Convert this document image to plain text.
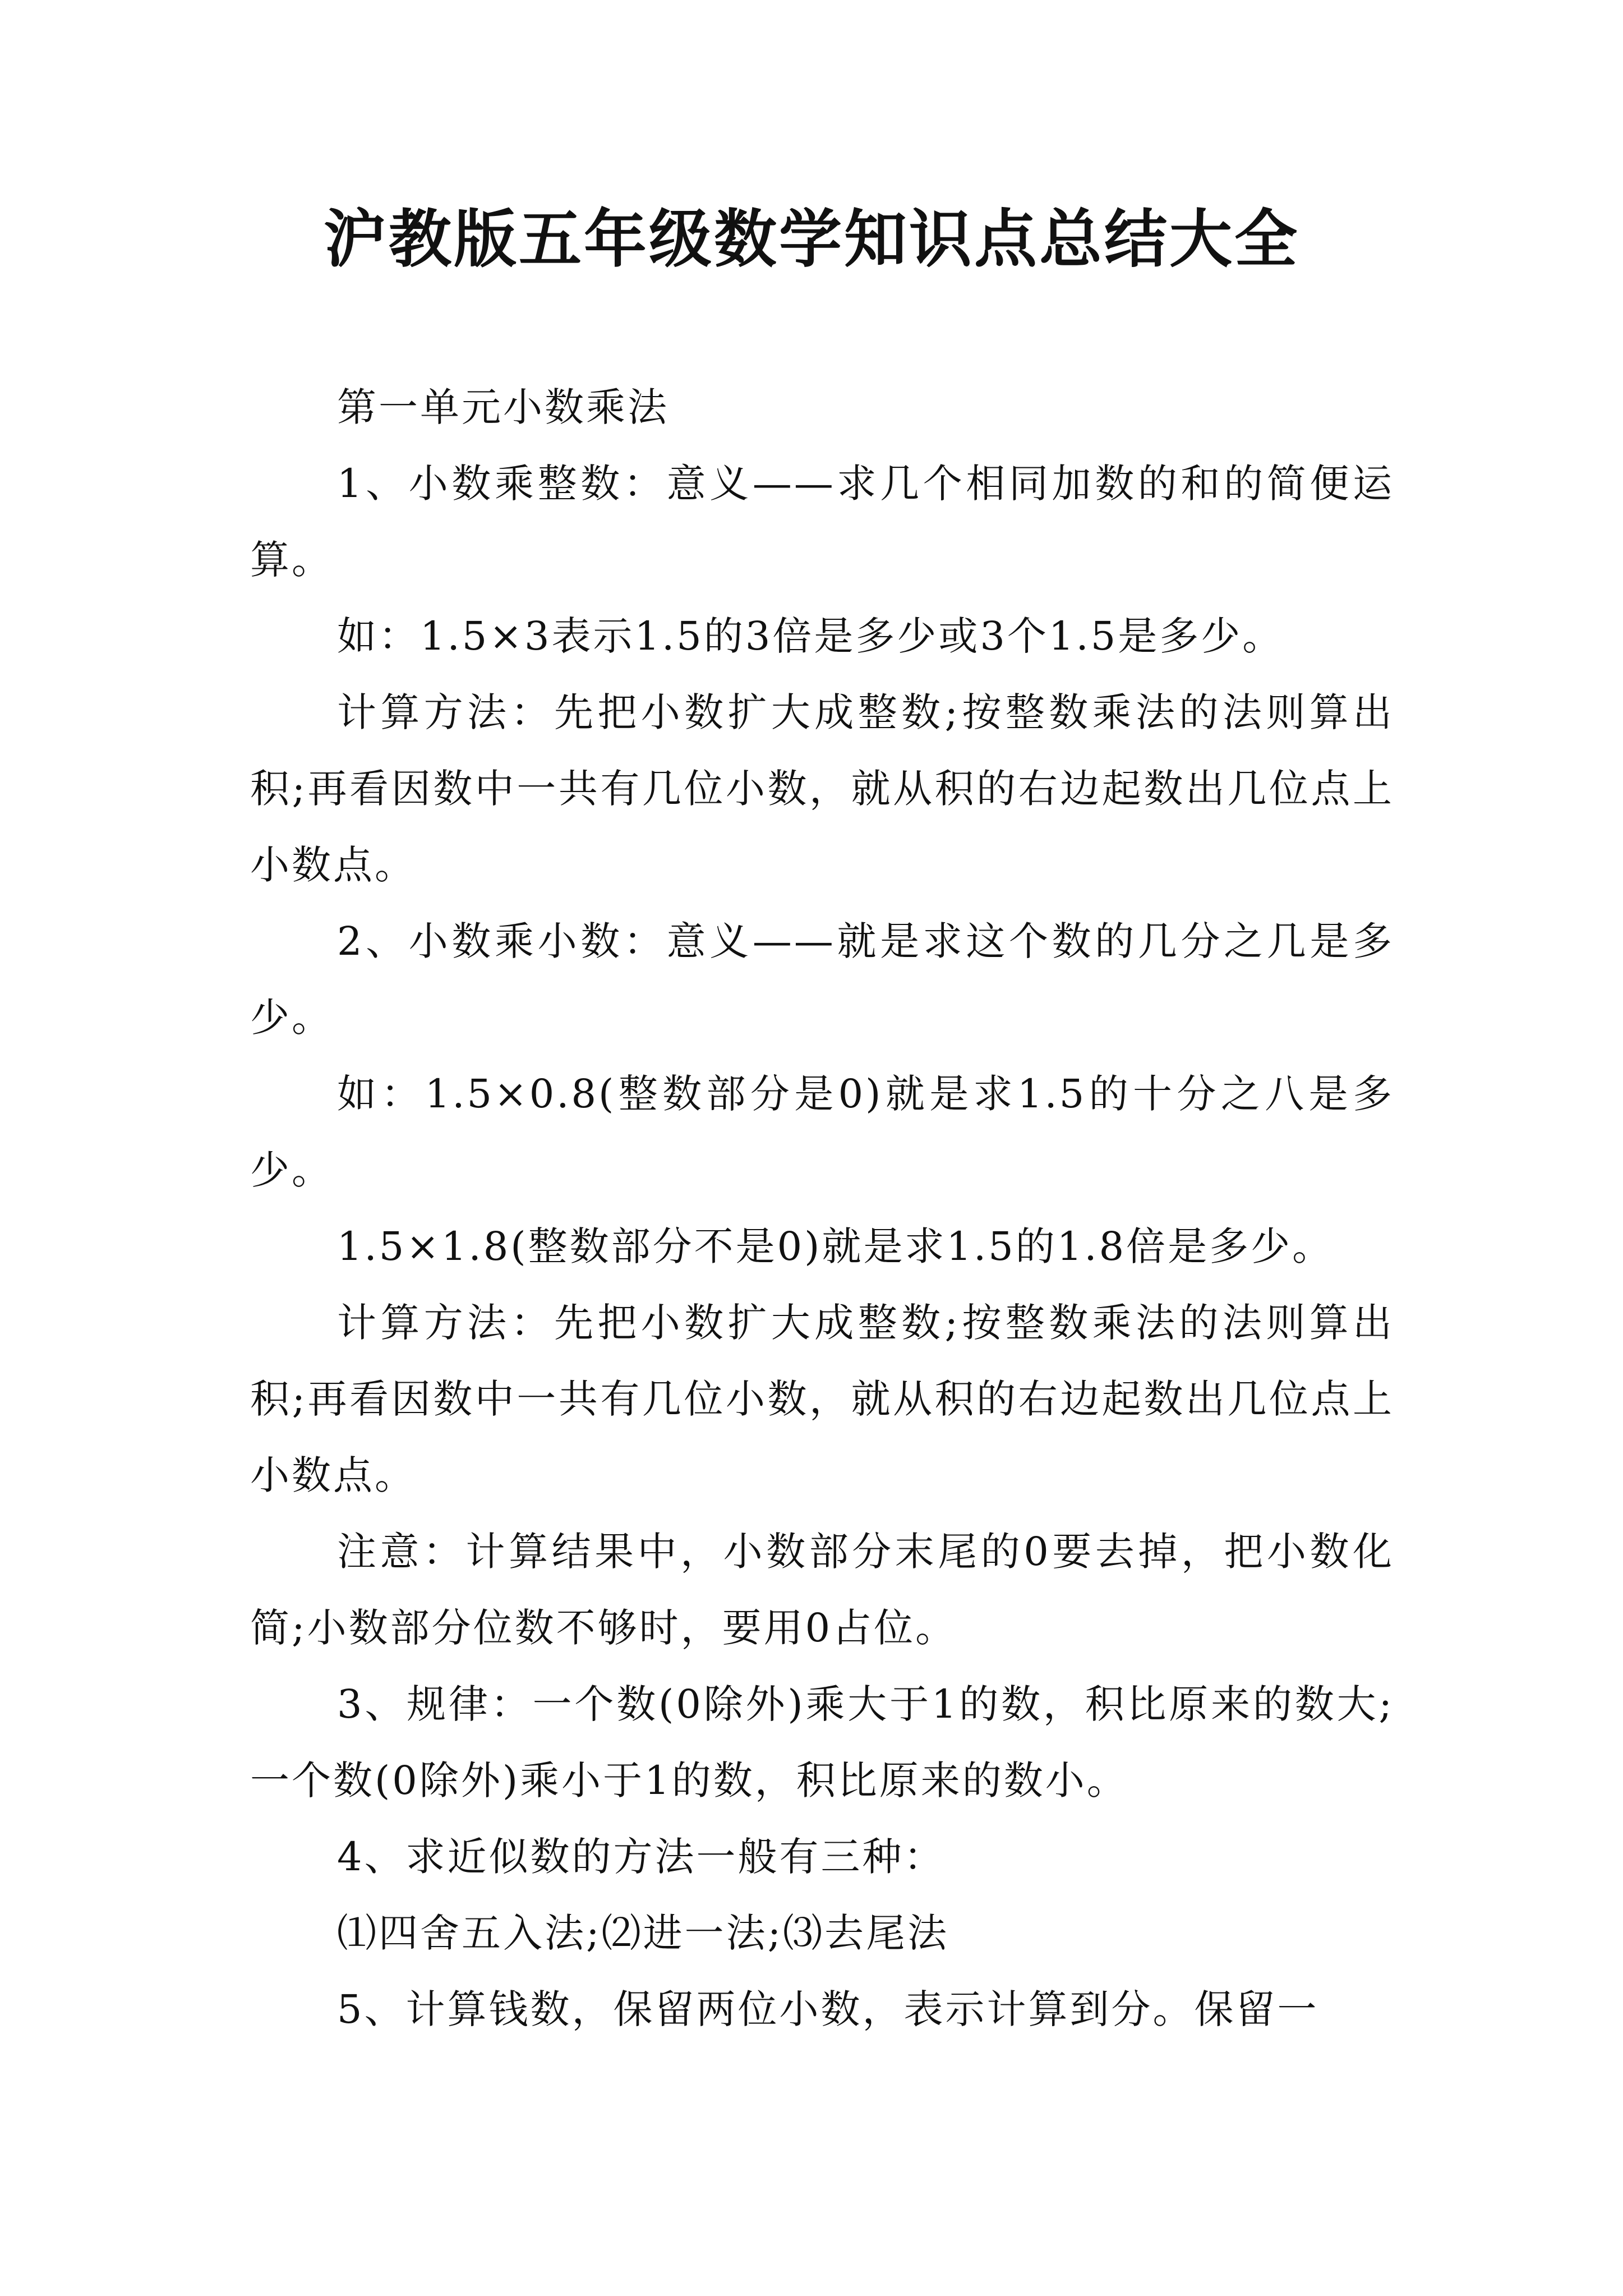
沪教版五年级数学知识点总结大全

第一单元小数乘法

1、小数乘整数：意义——求几个相同加数的和的简便运算。

如：1.5×3表示1.5的3倍是多少或3个1.5是多少。

计算方法：先把小数扩大成整数;按整数乘法的法则算出积;再看因数中一共有几位小数，就从积的右边起数出几位点上小数点。

2、小数乘小数：意义——就是求这个数的几分之几是多少。

如：1.5×0.8(整数部分是0)就是求1.5的十分之八是多少。

1.5×1.8(整数部分不是0)就是求1.5的1.8倍是多少。

计算方法：先把小数扩大成整数;按整数乘法的法则算出积;再看因数中一共有几位小数，就从积的右边起数出几位点上小数点。

注意：计算结果中，小数部分末尾的0要去掉，把小数化简;小数部分位数不够时，要用0占位。

3、规律：一个数(0除外)乘大于1的数，积比原来的数大;一个数(0除外)乘小于1的数，积比原来的数小。

4、求近似数的方法一般有三种：

⑴四舍五入法;⑵进一法;⑶去尾法

5、计算钱数，保留两位小数，表示计算到分。保留一
